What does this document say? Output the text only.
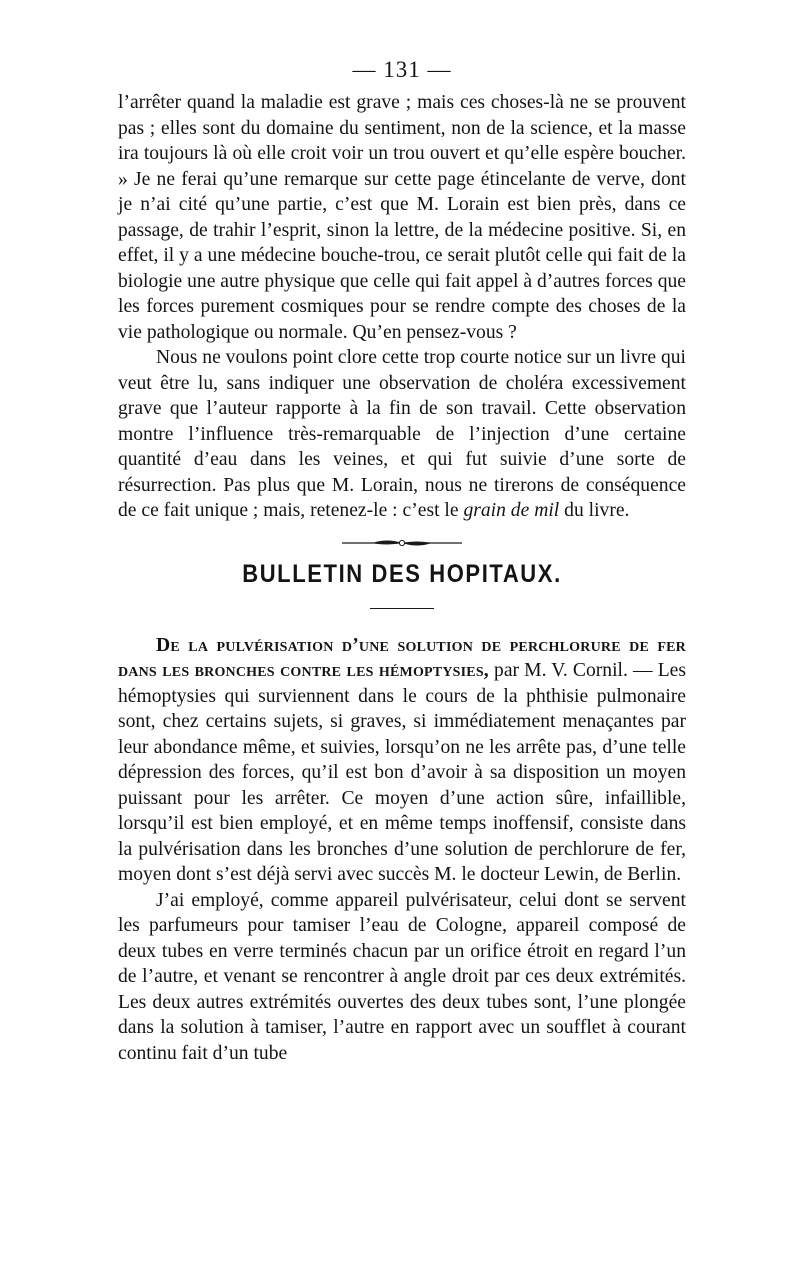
— 131 —

l’arrêter quand la maladie est grave ; mais ces choses-là ne se prouvent pas ; elles sont du domaine du sentiment, non de la science, et la masse ira toujours là où elle croit voir un trou ouvert et qu’elle espère boucher. » Je ne ferai qu’une remarque sur cette page étincelante de verve, dont je n’ai cité qu’une partie, c’est que M. Lorain est bien près, dans ce passage, de trahir l’esprit, sinon la lettre, de la médecine positive. Si, en effet, il y a une médecine bouche-trou, ce serait plutôt celle qui fait de la biologie une autre physique que celle qui fait appel à d’autres forces que les forces purement cosmiques pour se rendre compte des choses de la vie pathologique ou normale. Qu’en pensez-vous ?

Nous ne voulons point clore cette trop courte notice sur un livre qui veut être lu, sans indiquer une observation de choléra excessivement grave que l’auteur rapporte à la fin de son travail. Cette observation montre l’influence très-remarquable de l’injection d’une certaine quantité d’eau dans les veines, et qui fut suivie d’une sorte de résurrection. Pas plus que M. Lorain, nous ne tirerons de conséquence de ce fait unique ; mais, retenez-le : c’est le grain de mil du livre.

BULLETIN DES HOPITAUX.

De la pulvérisation d’une solution de perchlorure de fer dans les bronches contre les hémoptysies, par M. V. Cornil. — Les hémoptysies qui surviennent dans le cours de la phthisie pulmonaire sont, chez certains sujets, si graves, si immédiatement menaçantes par leur abondance même, et suivies, lorsqu’on ne les arrête pas, d’une telle dépression des forces, qu’il est bon d’avoir à sa disposition un moyen puissant pour les arrêter. Ce moyen d’une action sûre, infaillible, lorsqu’il est bien employé, et en même temps inoffensif, consiste dans la pulvérisation dans les bronches d’une solution de perchlorure de fer, moyen dont s’est déjà servi avec succès M. le docteur Lewin, de Berlin.

J’ai employé, comme appareil pulvérisateur, celui dont se servent les parfumeurs pour tamiser l’eau de Cologne, appareil composé de deux tubes en verre terminés chacun par un orifice étroit en regard l’un de l’autre, et venant se rencontrer à angle droit par ces deux extrémités. Les deux autres extrémités ouvertes des deux tubes sont, l’une plongée dans la solution à tamiser, l’autre en rapport avec un soufflet à courant continu fait d’un tube
